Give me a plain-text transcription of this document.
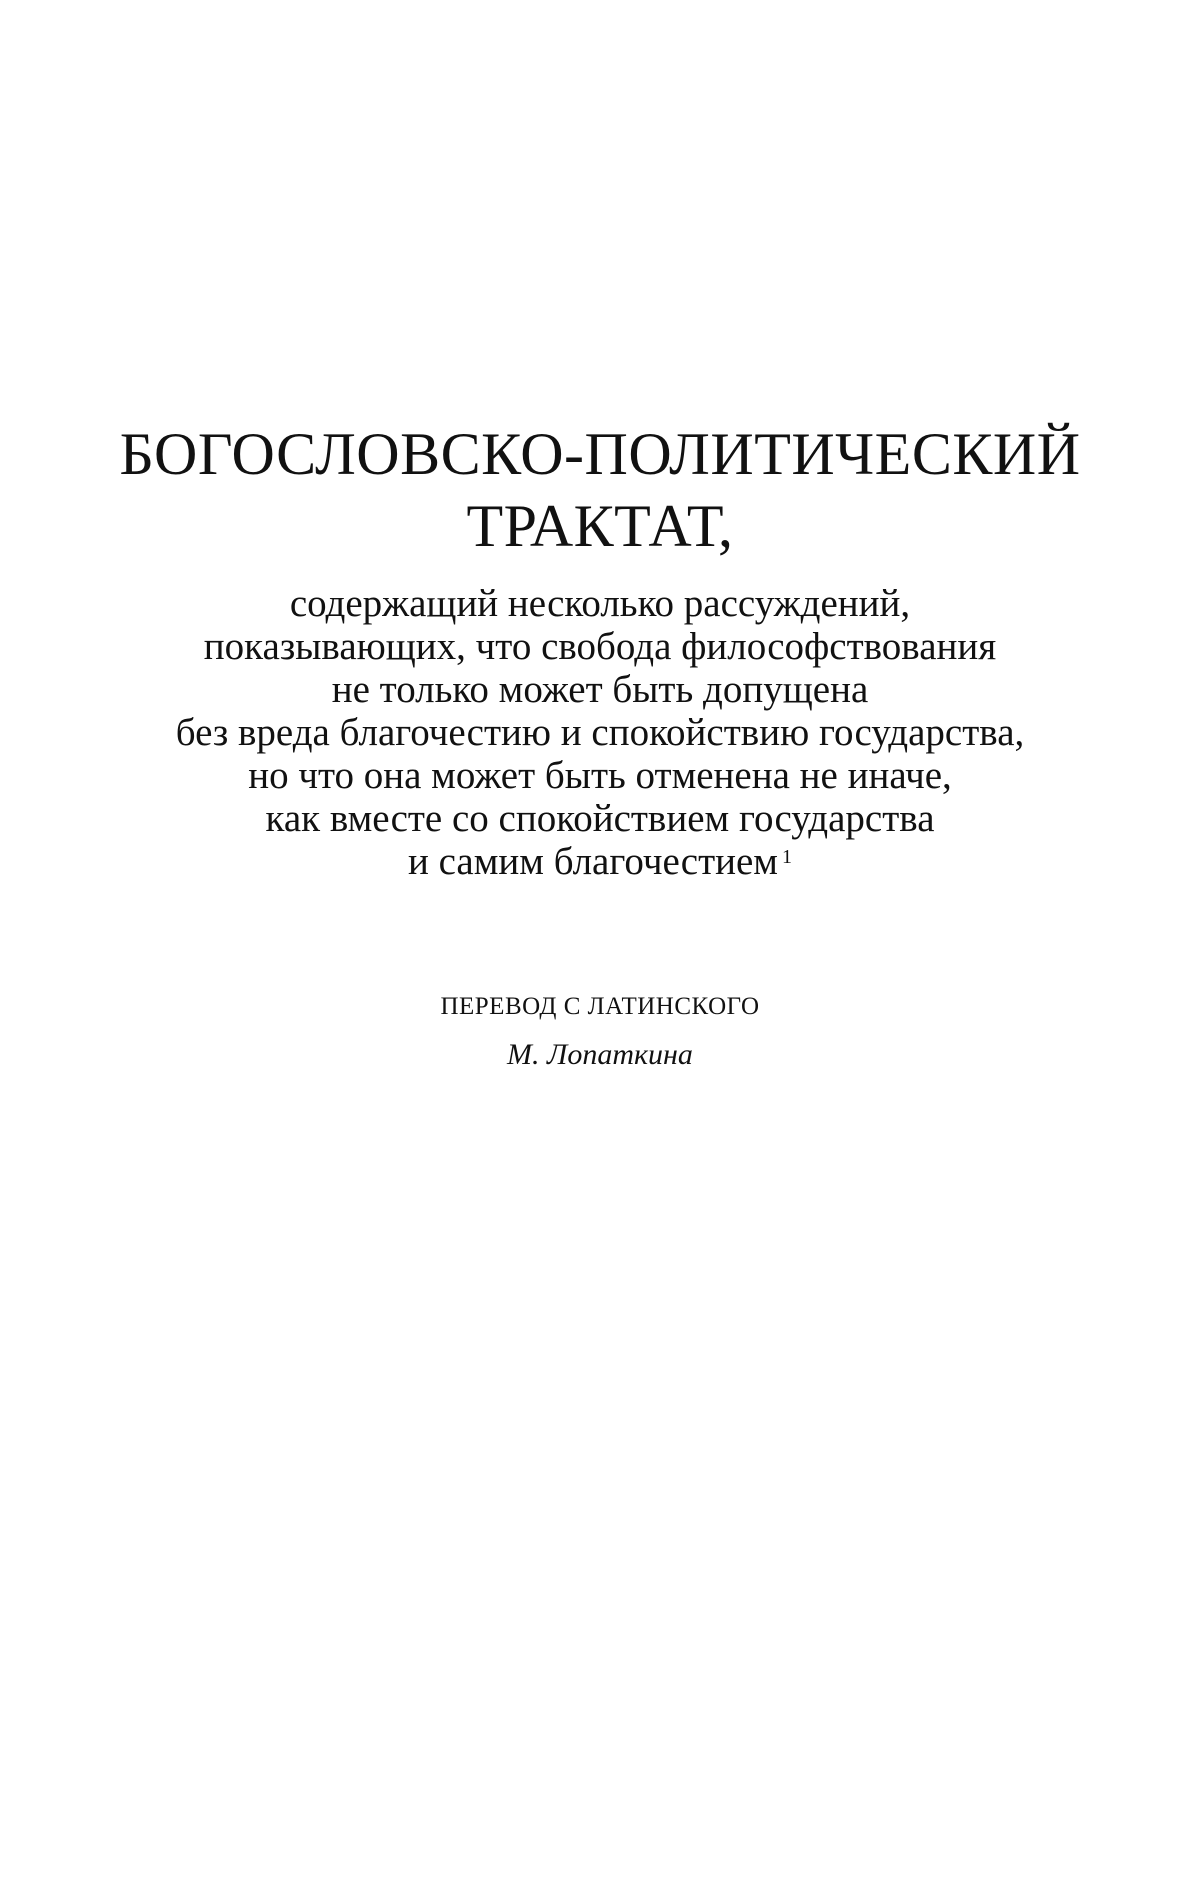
БОГОСЛОВСКО-ПОЛИТИЧЕСКИЙ
ТРАКТАТ,
содержащий несколько рассуждений,
показывающих, что свобода философствования
не только может быть допущена
без вреда благочестию и спокойствию государства,
но что она может быть отменена не иначе,
как вместе со спокойствием государства
и самим благочестием $^1$
ПЕРЕВОД С ЛАТИНСКОГО
М. Лопаткина
